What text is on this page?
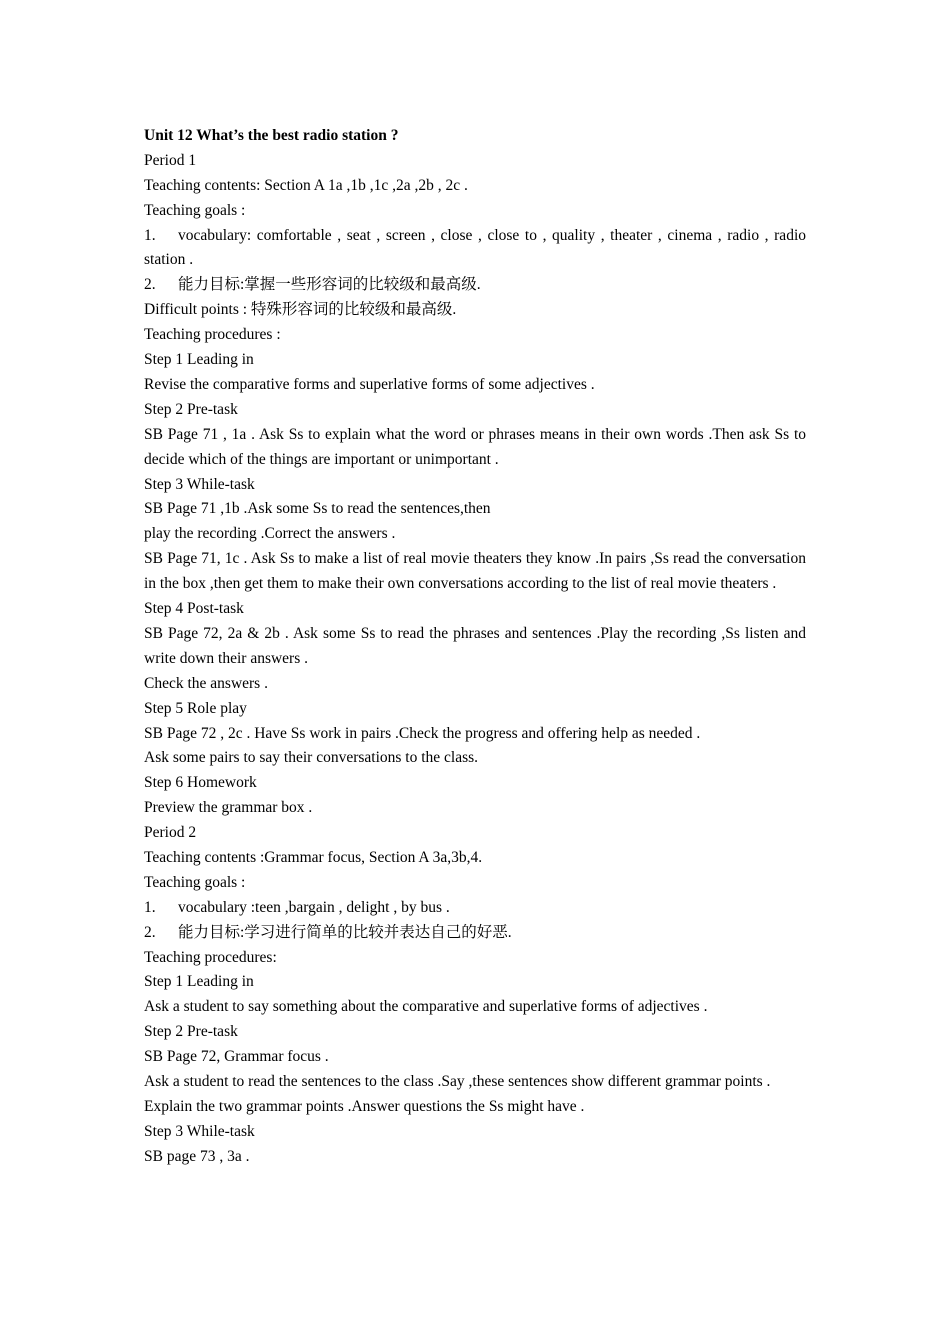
Unit 12 What’s the best radio station ?
Period 1
Teaching contents: Section A 1a ,1b ,1c ,2a ,2b , 2c .
Teaching goals :
1. vocabulary: comfortable , seat , screen , close , close to , quality , theater , cinema , radio , radio station .
2.	能力目标:掌握一些形容词的比较级和最高级.
Difficult points : 特殊形容词的比较级和最高级.
Teaching procedures :
Step 1 Leading in
Revise the comparative forms and superlative forms of some adjectives .
Step 2 Pre-task
SB Page 71 , 1a . Ask Ss to explain what the word or phrases means in their own words .Then ask Ss to decide which of the things are important or unimportant .
Step 3 While-task
SB Page 71 ,1b .Ask some Ss to read the sentences,then
play the recording .Correct the answers .
SB Page 71, 1c . Ask Ss to make a list of real movie theaters they know .In pairs ,Ss read the conversation in the box ,then get them to make their own conversations according to the list of real movie theaters .
Step 4 Post-task
SB Page 72, 2a & 2b . Ask some Ss to read the phrases and sentences .Play the recording ,Ss listen and write down their answers .
Check the answers .
Step 5 Role play
SB Page 72 , 2c . Have Ss work in pairs .Check the progress and offering help as needed .
Ask some pairs to say their conversations to the class.
Step 6 Homework
Preview the grammar box .
Period 2
Teaching contents :Grammar focus, Section A 3a,3b,4.
Teaching goals :
1.	vocabulary :teen ,bargain , delight , by bus .
2.	能力目标:学习进行简单的比较并表达自己的好恶.
Teaching procedures:
Step 1 Leading in
Ask a student to say something about the comparative and superlative forms of adjectives .
Step 2 Pre-task
SB Page 72, Grammar focus .
Ask a student to read the sentences to the class .Say ,these sentences show different grammar points .
Explain the two grammar points .Answer questions the Ss might have .
Step 3 While-task
SB page 73 , 3a .
